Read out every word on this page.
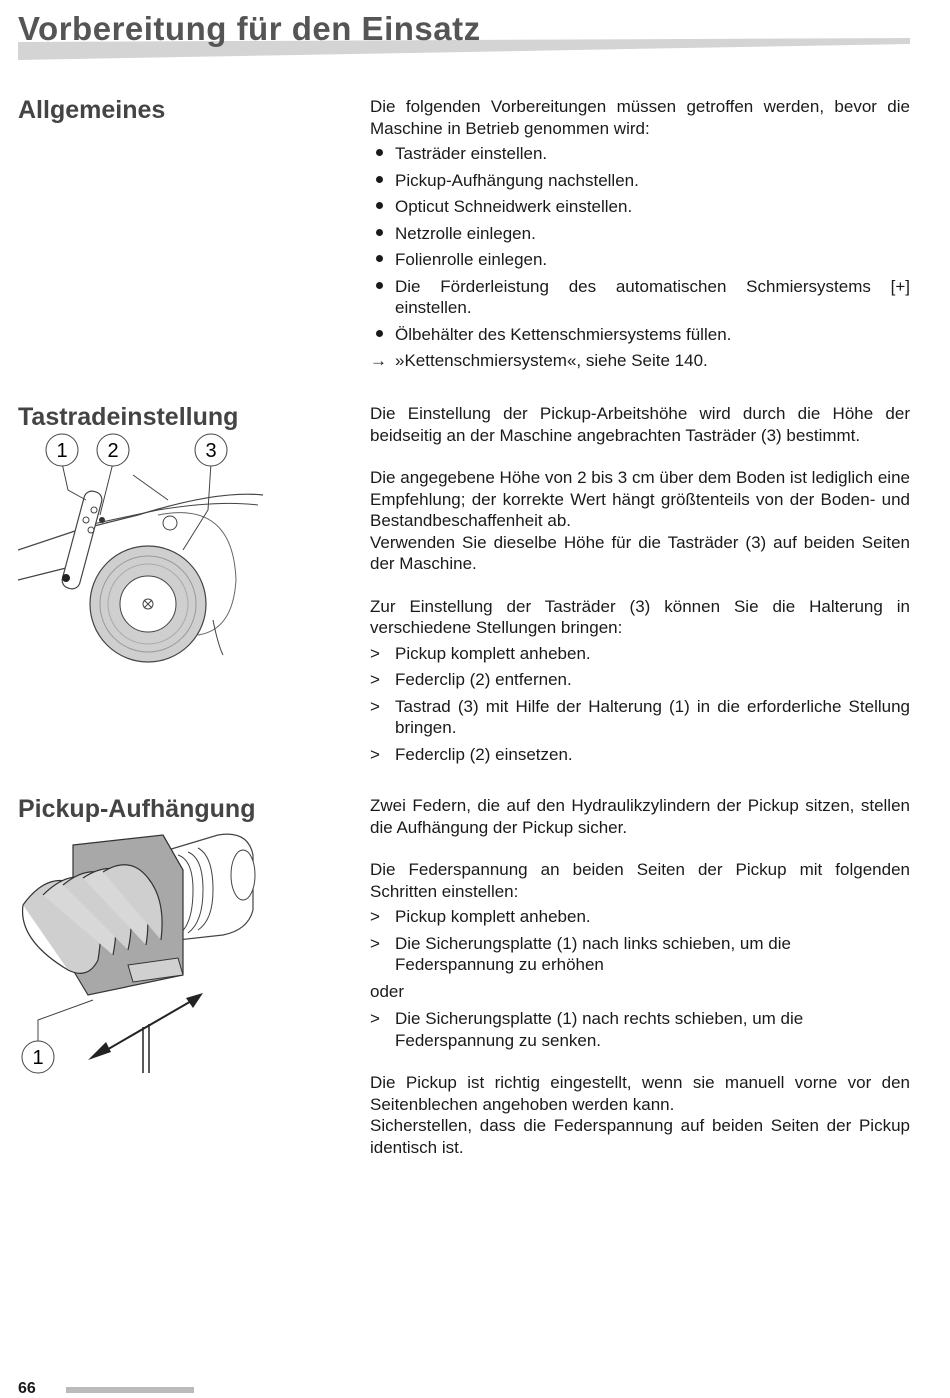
Vorbereitung für den Einsatz
Allgemeines	Die folgenden Vorbereitungen müssen getroffen werden, bevor die Maschine in Betrieb genommen wird:

Tasträder einstellen.
Pickup-Aufhängung nachstellen.
Opticut Schneidwerk einstellen.
Netzrolle einlegen.
Folienrolle einlegen.
Die Förderleistung des automatischen Schmiersystems [+] einstellen.
Ölbehälter des Kettenschmiersystems füllen.
→ »Kettenschmiersystem«, siehe Seite 140.
Tastradeinstellung
1 2	3

Die Einstellung der Pickup-Arbeitshöhe wird durch die Höhe der beidseitig an der Maschine angebrachten Tasträder (3) bestimmt.

Die angegebene Höhe von 2 bis 3 cm über dem Boden ist lediglich eine Empfehlung; der korrekte Wert hängt größtenteils von der Boden- und Bestandbeschaffenheit ab.

Verwenden Sie dieselbe Höhe für die Tasträder (3) auf beiden Seiten der Maschine.

Zur Einstellung der Tasträder (3) können Sie die Halterung in verschiedene Stellungen bringen:

> Pickup komplett anheben.
> Federclip (2) entfernen.
> Tastrad (3) mit Hilfe der Halterung (1) in die erforderliche Stellung bringen.
> Federclip (2) einsetzen.
Pickup-Aufhängung
1

Zwei Federn, die auf den Hydraulikzylindern der Pickup sitzen, stellen die Aufhängung der Pickup sicher.

Die Federspannung an beiden Seiten der Pickup mit folgenden Schritten einstellen:

> Pickup komplett anheben.
> Die Sicherungsplatte (1) nach links schieben, um die Federspannung zu erhöhen
oder
> Die Sicherungsplatte (1) nach rechts schieben, um die Federspannung zu senken.

Die Pickup ist richtig eingestellt, wenn sie manuell vorne vor den Seitenblechen angehoben werden kann.

Sicherstellen, dass die Federspannung auf beiden Seiten der Pickup identisch ist.

66
